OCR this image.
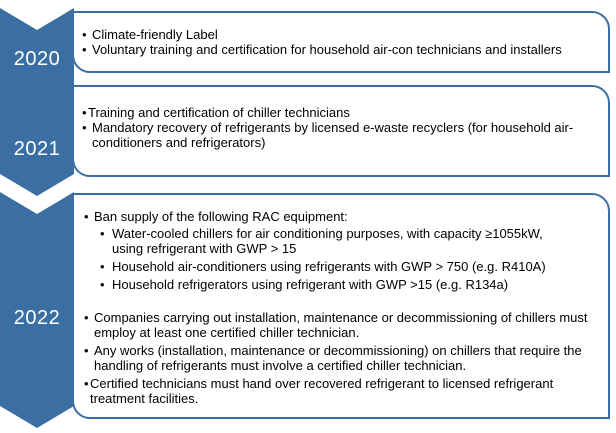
2020
• Climate-friendly Label
• Voluntary training and certification for household air-con technicians and installers
2021
• Training and certification of chiller technicians
• Mandatory recovery of refrigerants by licensed e-waste recyclers (for household air-conditioners and refrigerators)
2022
• Ban supply of the following RAC equipment:
• Water-cooled chillers for air conditioning purposes, with capacity ≥1055kW, using refrigerant with GWP > 15
• Household air-conditioners using refrigerants with GWP > 750 (e.g. R410A)
• Household refrigerators using refrigerant with GWP >15 (e.g. R134a)
• Companies carrying out installation, maintenance or decommissioning of chillers must employ at least one certified chiller technician.
• Any works (installation, maintenance or decommissioning) on chillers that require the handling of refrigerants must involve a certified chiller technician.
• Certified technicians must hand over recovered refrigerant to licensed refrigerant treatment facilities.
